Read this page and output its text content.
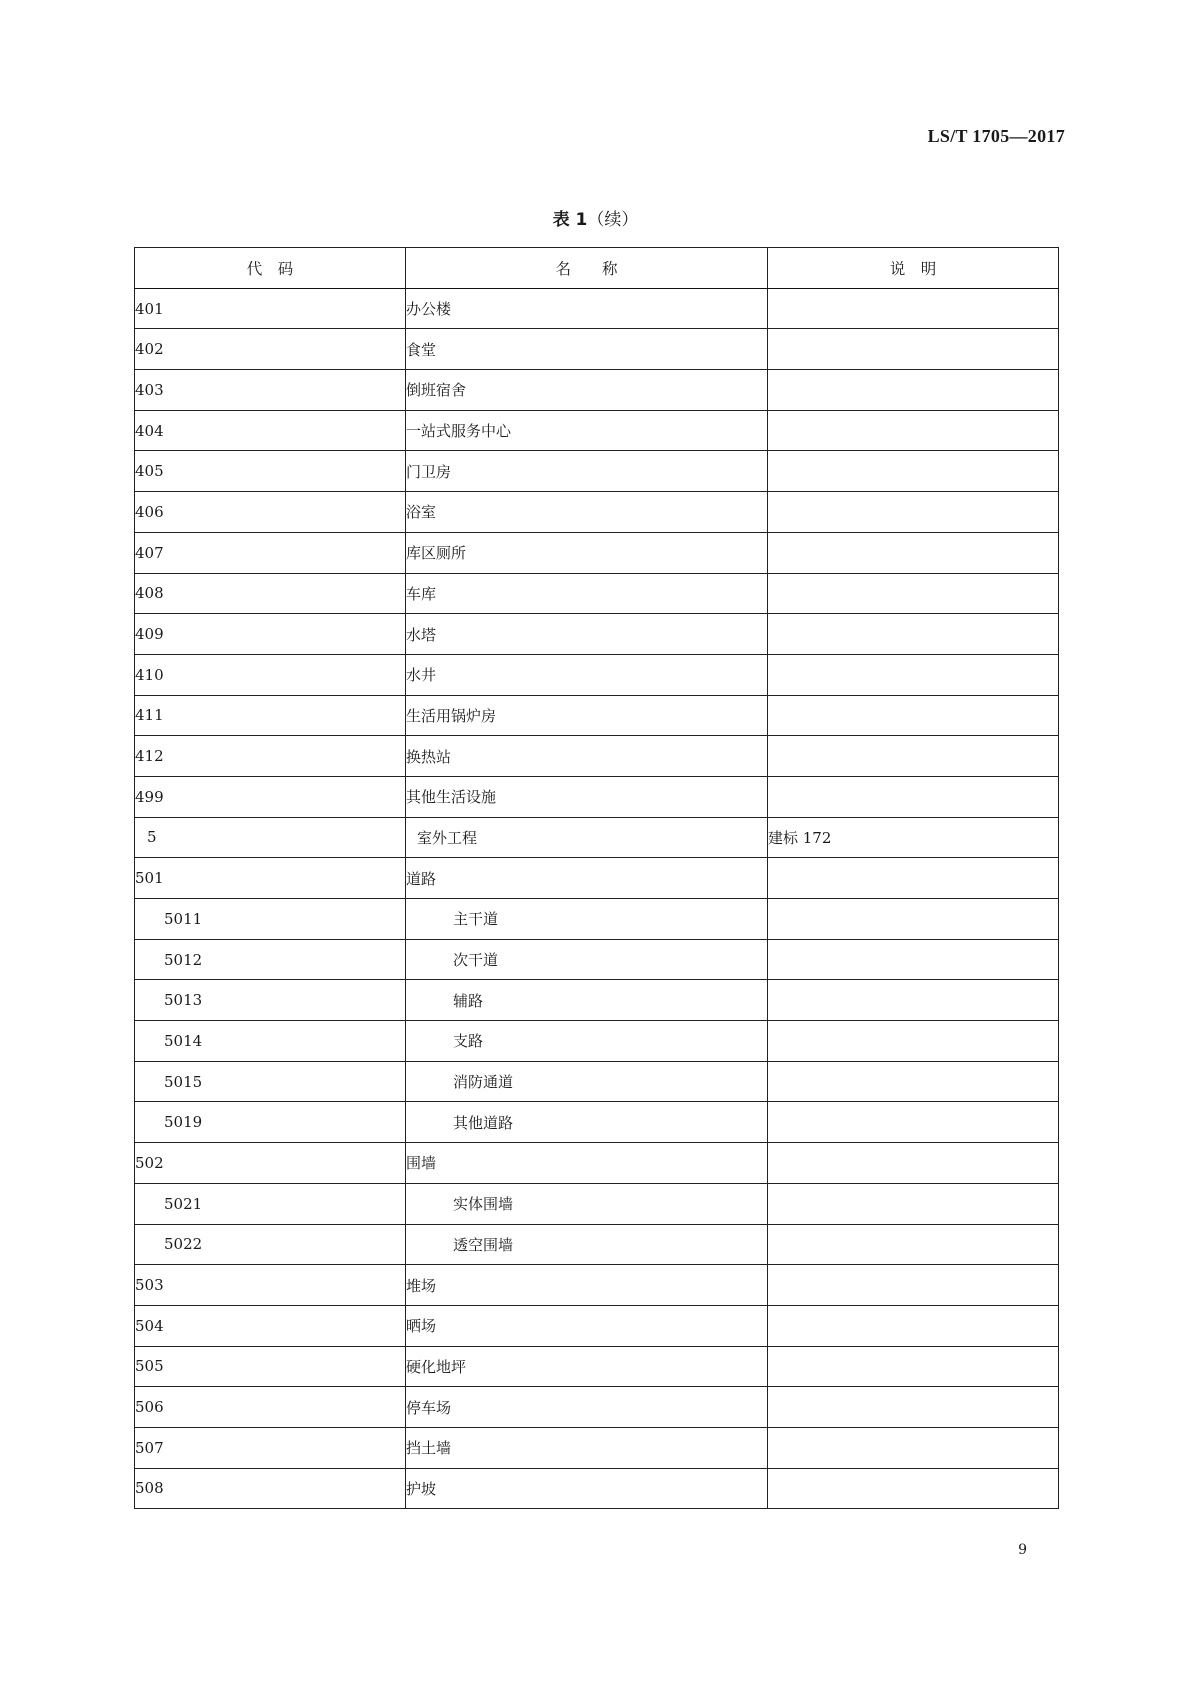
LS/T 1705—2017
表 1（续）
代　码	名　　称	说　明
401	办公楼	
402	食堂	
403	倒班宿舍	
404	一站式服务中心	
405	门卫房	
406	浴室	
407	库区厕所	
408	车库	
409	水塔	
410	水井	
411	生活用锅炉房	
412	换热站	
499	其他生活设施	
5	室外工程	建标 172
501	道路	
5011	主干道	
5012	次干道	
5013	辅路	
5014	支路	
5015	消防通道	
5019	其他道路	
502	围墙	
5021	实体围墙	
5022	透空围墙	
503	堆场	
504	晒场	
505	硬化地坪	
506	停车场	
507	挡土墙	
508	护坡	
9
